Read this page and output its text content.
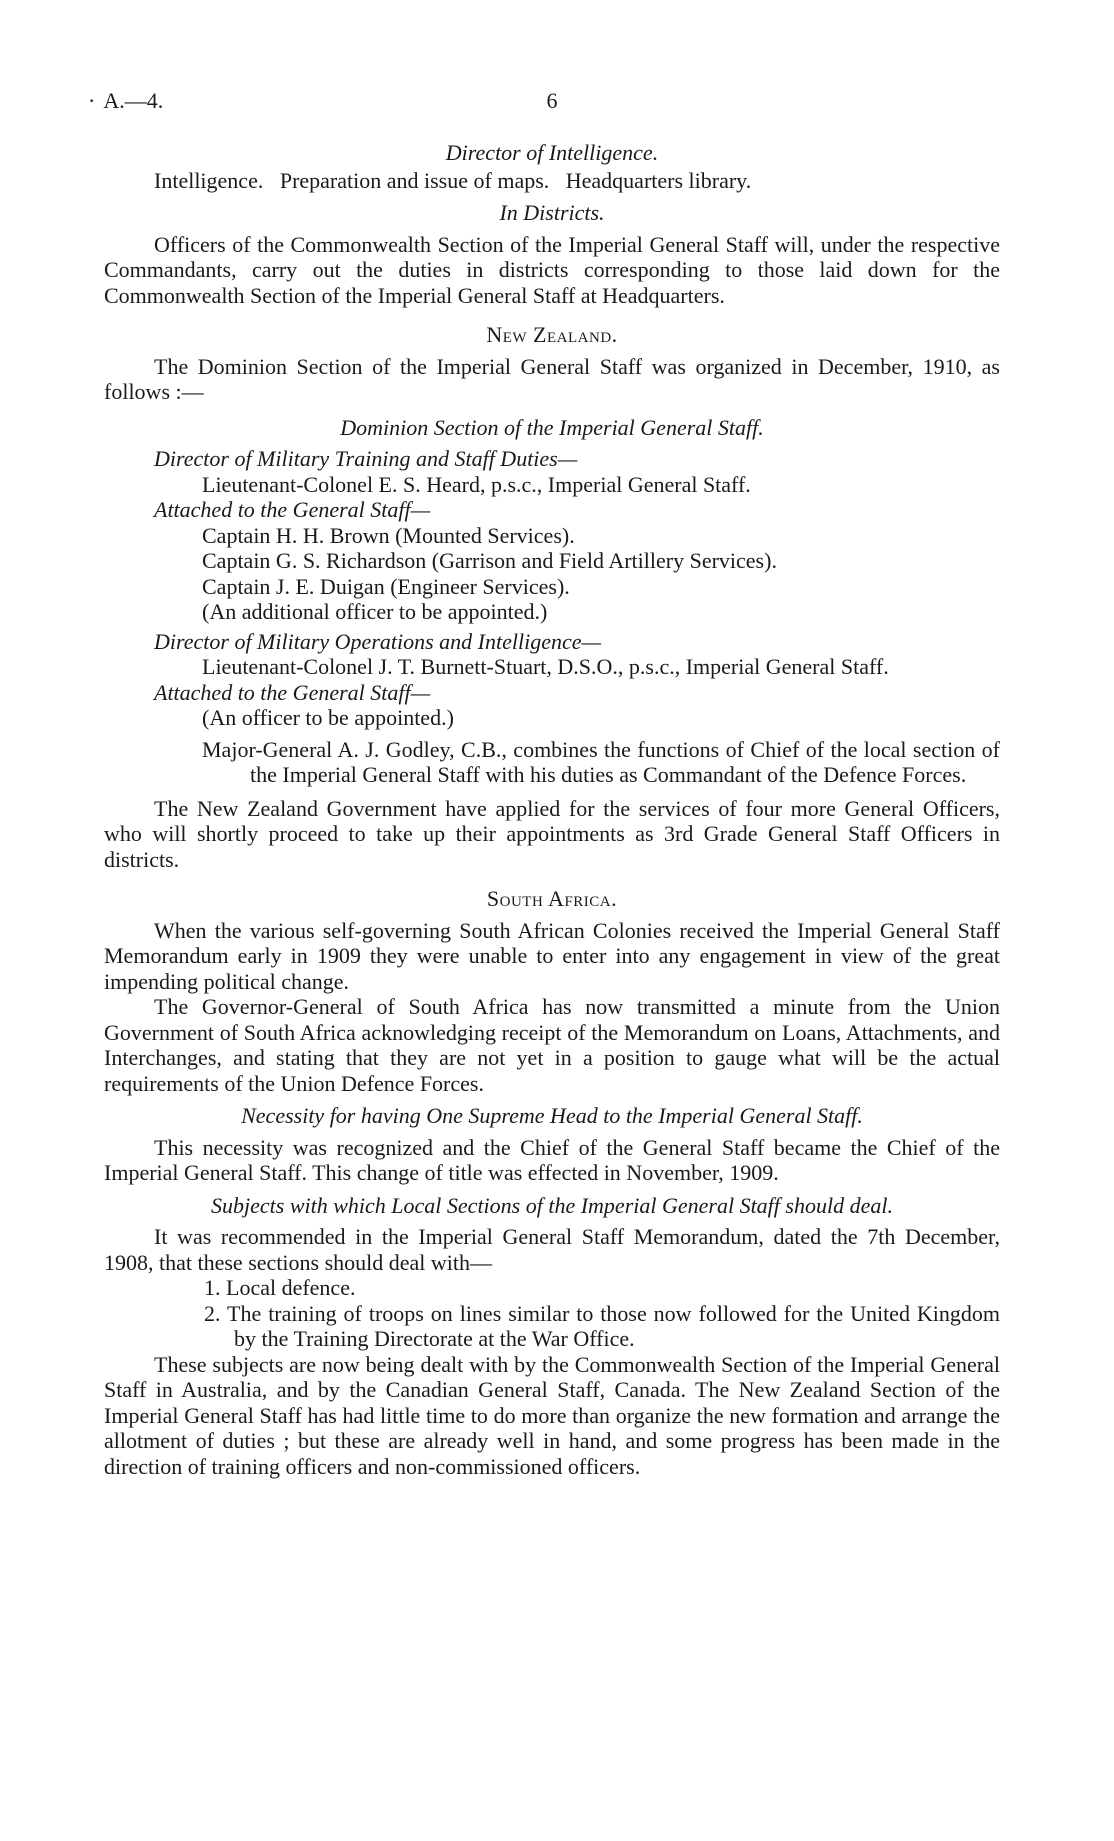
· A.—4.	6

Director of Intelligence.

Intelligence.   Preparation and issue of maps.   Headquarters library.

In Districts.

Officers of the Commonwealth Section of the Imperial General Staff will, under the respective Commandants, carry out the duties in districts corresponding to those laid down for the Commonwealth Section of the Imperial General Staff at Headquarters.

New Zealand.

The Dominion Section of the Imperial General Staff was organized in December, 1910, as follows :—

Dominion Section of the Imperial General Staff.

Director of Military Training and Staff Duties—

Lieutenant-Colonel E. S. Heard, p.s.c., Imperial General Staff.

Attached to the General Staff—

Captain H. H. Brown (Mounted Services).

Captain G. S. Richardson (Garrison and Field Artillery Services).

Captain J. E. Duigan (Engineer Services).

(An additional officer to be appointed.)

Director of Military Operations and Intelligence—

Lieutenant-Colonel J. T. Burnett-Stuart, D.S.O., p.s.c., Imperial General Staff.

Attached to the General Staff—

(An officer to be appointed.)

Major-General A. J. Godley, C.B., combines the functions of Chief of the local section of the Imperial General Staff with his duties as Commandant of the Defence Forces.

The New Zealand Government have applied for the services of four more General Officers, who will shortly proceed to take up their appointments as 3rd Grade General Staff Officers in districts.

South Africa.

When the various self-governing South African Colonies received the Imperial General Staff Memorandum early in 1909 they were unable to enter into any engagement in view of the great impending political change.

The Governor-General of South Africa has now transmitted a minute from the Union Government of South Africa acknowledging receipt of the Memorandum on Loans, Attachments, and Interchanges, and stating that they are not yet in a position to gauge what will be the actual requirements of the Union Defence Forces.

Necessity for having One Supreme Head to the Imperial General Staff.

This necessity was recognized and the Chief of the General Staff became the Chief of the Imperial General Staff. This change of title was effected in November, 1909.

Subjects with which Local Sections of the Imperial General Staff should deal.

It was recommended in the Imperial General Staff Memorandum, dated the 7th December, 1908, that these sections should deal with—

1. Local defence.

2. The training of troops on lines similar to those now followed for the United Kingdom by the Training Directorate at the War Office.

These subjects are now being dealt with by the Commonwealth Section of the Imperial General Staff in Australia, and by the Canadian General Staff, Canada. The New Zealand Section of the Imperial General Staff has had little time to do more than organize the new formation and arrange the allotment of duties ; but these are already well in hand, and some progress has been made in the direction of training officers and non-commissioned officers.
